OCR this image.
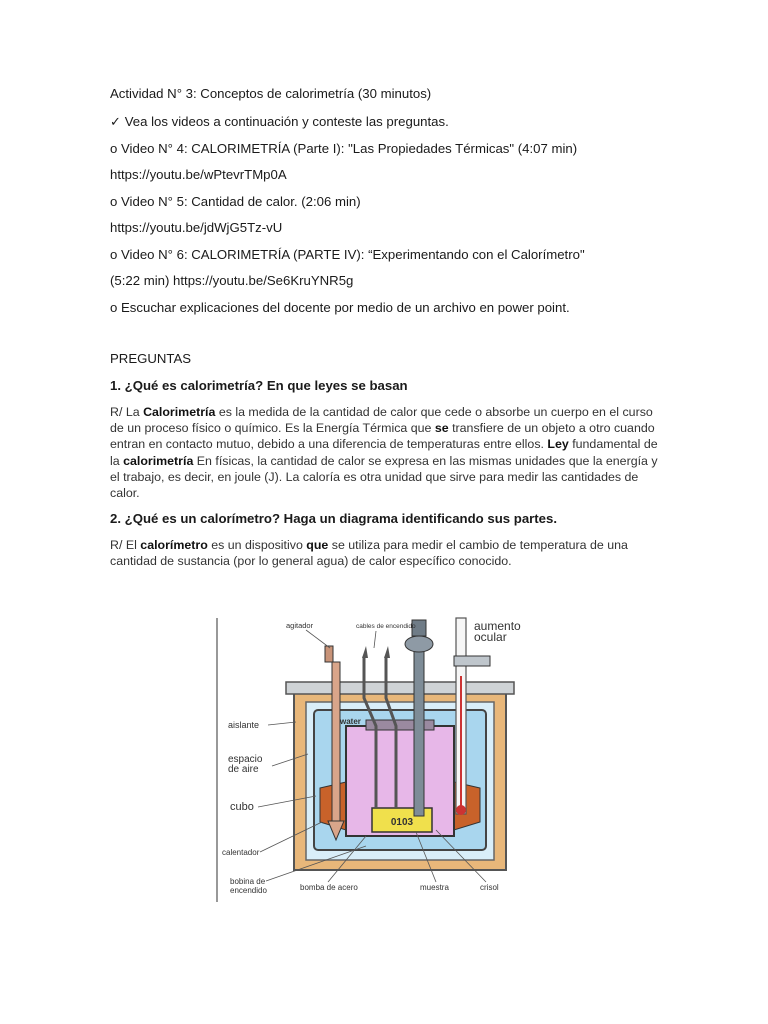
Actividad N° 3: Conceptos de calorimetría (30 minutos)
✓ Vea los videos a continuación y conteste las preguntas.
o Video N° 4: CALORIMETRÍA (Parte I): "Las Propiedades Térmicas" (4:07 min)
https://youtu.be/wPtevrTMp0A
o Video N° 5: Cantidad de calor. (2:06 min)
https://youtu.be/jdWjG5Tz-vU
o Video N° 6: CALORIMETRÍA (PARTE IV): “Experimentando con el Calorímetro"
(5:22 min) https://youtu.be/Se6KruYNR5g
o Escuchar explicaciones del docente por medio de un archivo en power point.
PREGUNTAS
1. ¿Qué es calorimetría? En que leyes se basan
R/ La Calorimetría es la medida de la cantidad de calor que cede o absorbe un cuerpo en el curso de un proceso físico o químico. Es la Energía Térmica que se transfiere de un objeto a otro cuando entran en contacto mutuo, debido a una diferencia de temperaturas entre ellos. Ley fundamental de la calorimetría En físicas, la cantidad de calor se expresa en las mismas unidades que la energía y el trabajo, es decir, en joule (J). La caloría es otra unidad que sirve para medir las cantidades de calor.
2. ¿Qué es un calorímetro? Haga un diagrama identificando sus partes.
R/ El calorímetro es un dispositivo que se utiliza para medir el cambio de temperatura de una cantidad de sustancia (por lo general agua) de calor específico conocido.
0103
agitador	cables de encendido	aumento
ocular
aislante	water
espacio
de aire
cubo
calentador
bobina de
encendido	bomba de acero	muestra	crisol
